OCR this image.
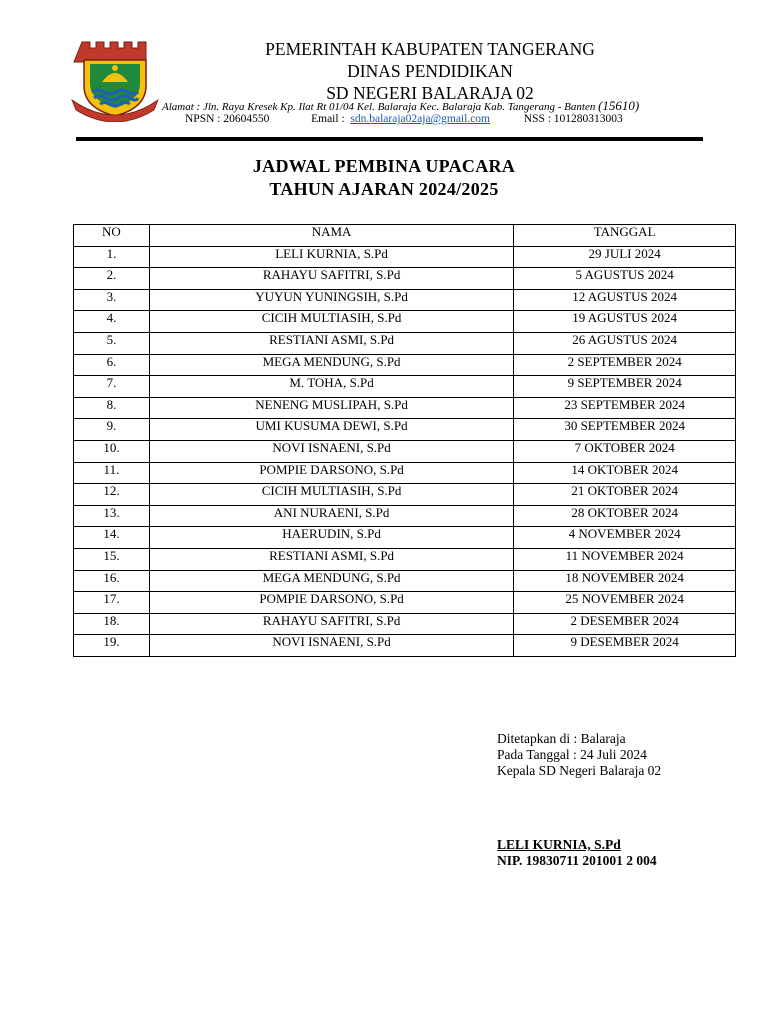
PEMERINTAH KABUPATEN TANGERANG
DINAS PENDIDIKAN
SD NEGERI BALARAJA 02
Alamat : Jln. Raya Kresek Kp. Ilat Rt 01/04 Kel. Balaraja Kec. Balaraja Kab. Tangerang - Banten (15610)
NPSN : 20604550	Email :  sdn.balaraja02aja@gmail.com	NSS : 101280313003
JADWAL PEMBINA UPACARA
TAHUN AJARAN 2024/2025
NO	NAMA	TANGGAL
1.	LELI KURNIA, S.Pd	29 JULI 2024
2.	RAHAYU SAFITRI, S.Pd	5 AGUSTUS 2024
3.	YUYUN YUNINGSIH, S.Pd	12 AGUSTUS 2024
4.	CICIH MULTIASIH, S.Pd	19 AGUSTUS 2024
5.	RESTIANI ASMI, S.Pd	26 AGUSTUS 2024
6.	MEGA MENDUNG, S.Pd	2 SEPTEMBER 2024
7.	M. TOHA, S.Pd	9 SEPTEMBER 2024
8.	NENENG MUSLIPAH, S.Pd	23 SEPTEMBER 2024
9.	UMI KUSUMA DEWI, S.Pd	30 SEPTEMBER 2024
10.	NOVI ISNAENI, S.Pd	7 OKTOBER 2024
11.	POMPIE DARSONO, S.Pd	14 OKTOBER 2024
12.	CICIH MULTIASIH, S.Pd	21 OKTOBER 2024
13.	ANI NURAENI, S.Pd	28 OKTOBER 2024
14.	HAERUDIN, S.Pd	4 NOVEMBER 2024
15.	RESTIANI ASMI, S.Pd	11 NOVEMBER 2024
16.	MEGA MENDUNG, S.Pd	18 NOVEMBER 2024
17.	POMPIE DARSONO, S.Pd	25 NOVEMBER 2024
18.	RAHAYU SAFITRI, S.Pd	2 DESEMBER 2024
19.	NOVI ISNAENI, S.Pd	9 DESEMBER 2024
Ditetapkan di : Balaraja
Pada Tanggal : 24 Juli 2024
Kepala SD Negeri Balaraja 02
LELI KURNIA, S.Pd
NIP. 19830711 201001 2 004
